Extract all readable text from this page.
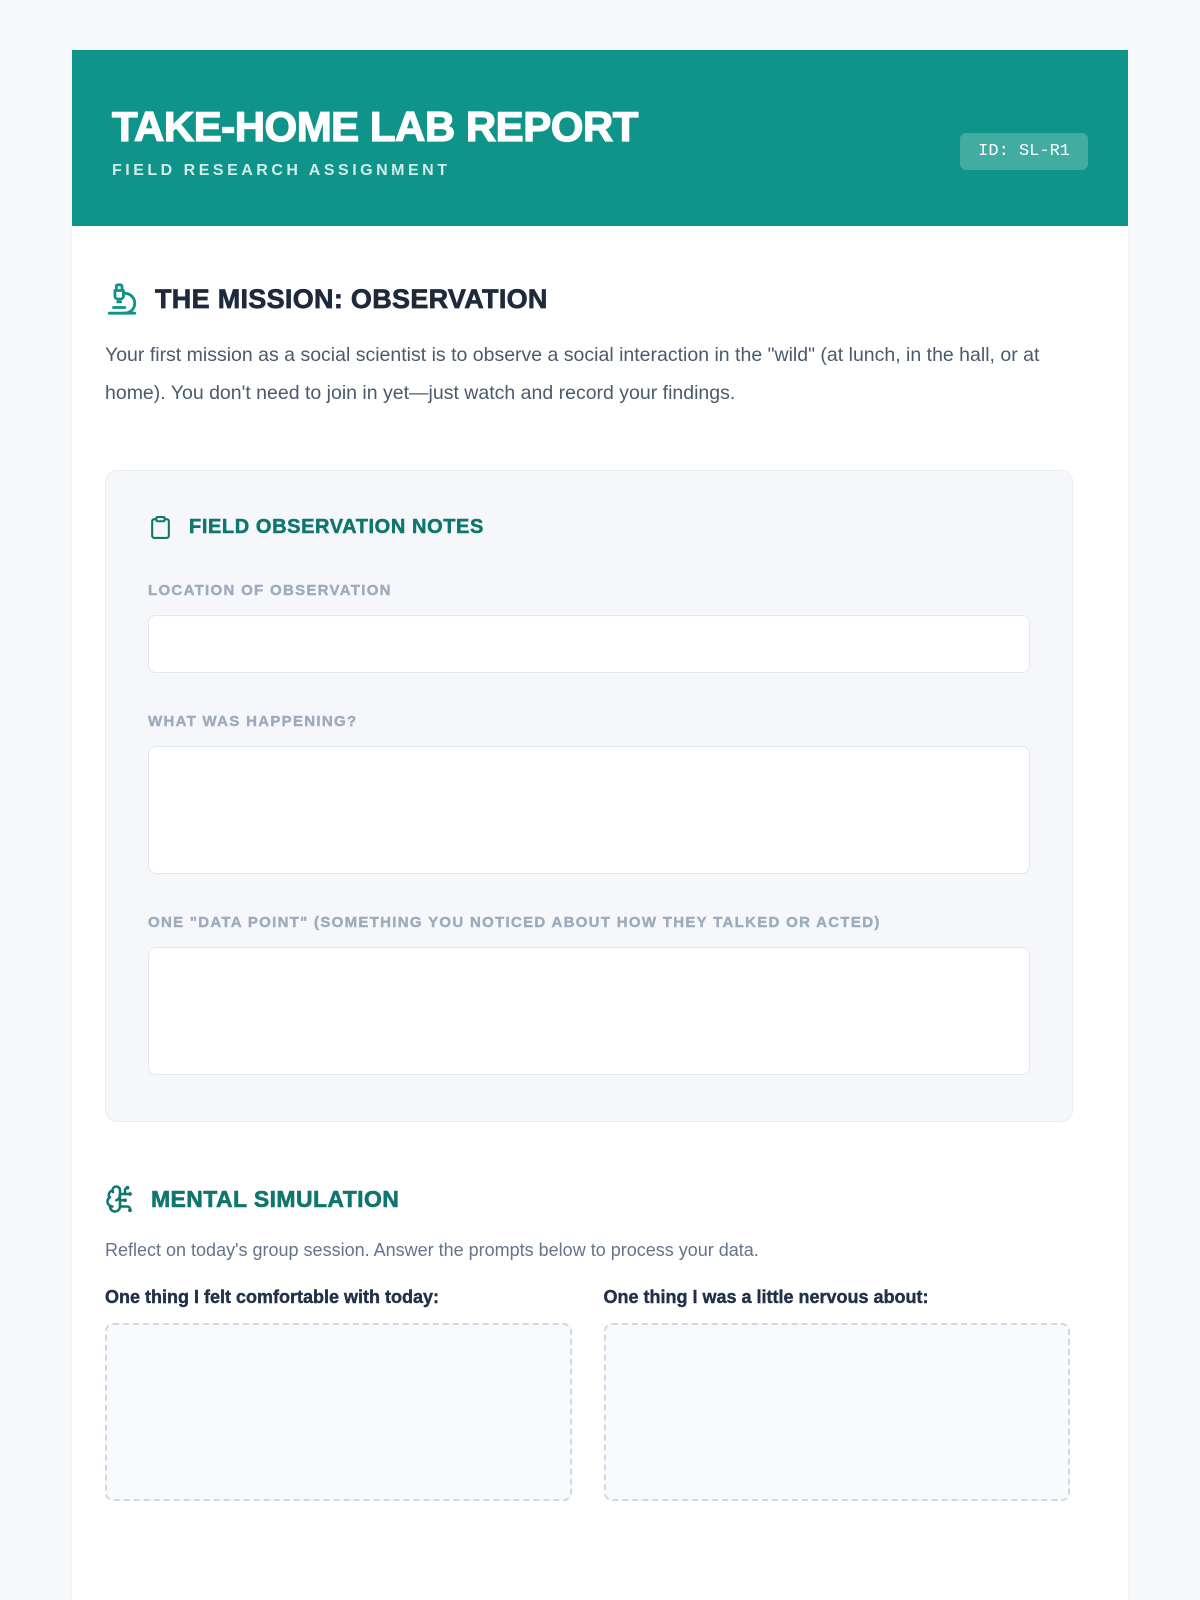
TAKE-HOME LAB REPORT
FIELD RESEARCH ASSIGNMENT
ID: SL-R1
THE MISSION: OBSERVATION

Your first mission as a social scientist is to observe a social interaction in the "wild" (at lunch, in the hall, or at home). You don't need to join in yet—just watch and record your findings.

FIELD OBSERVATION NOTES
LOCATION OF OBSERVATION
WHAT WAS HAPPENING?
ONE "DATA POINT" (SOMETHING YOU NOTICED ABOUT HOW THEY TALKED OR ACTED)
MENTAL SIMULATION

Reflect on today's group session. Answer the prompts below to process your data.

One thing I felt comfortable with today:	One thing I was a little nervous about:
